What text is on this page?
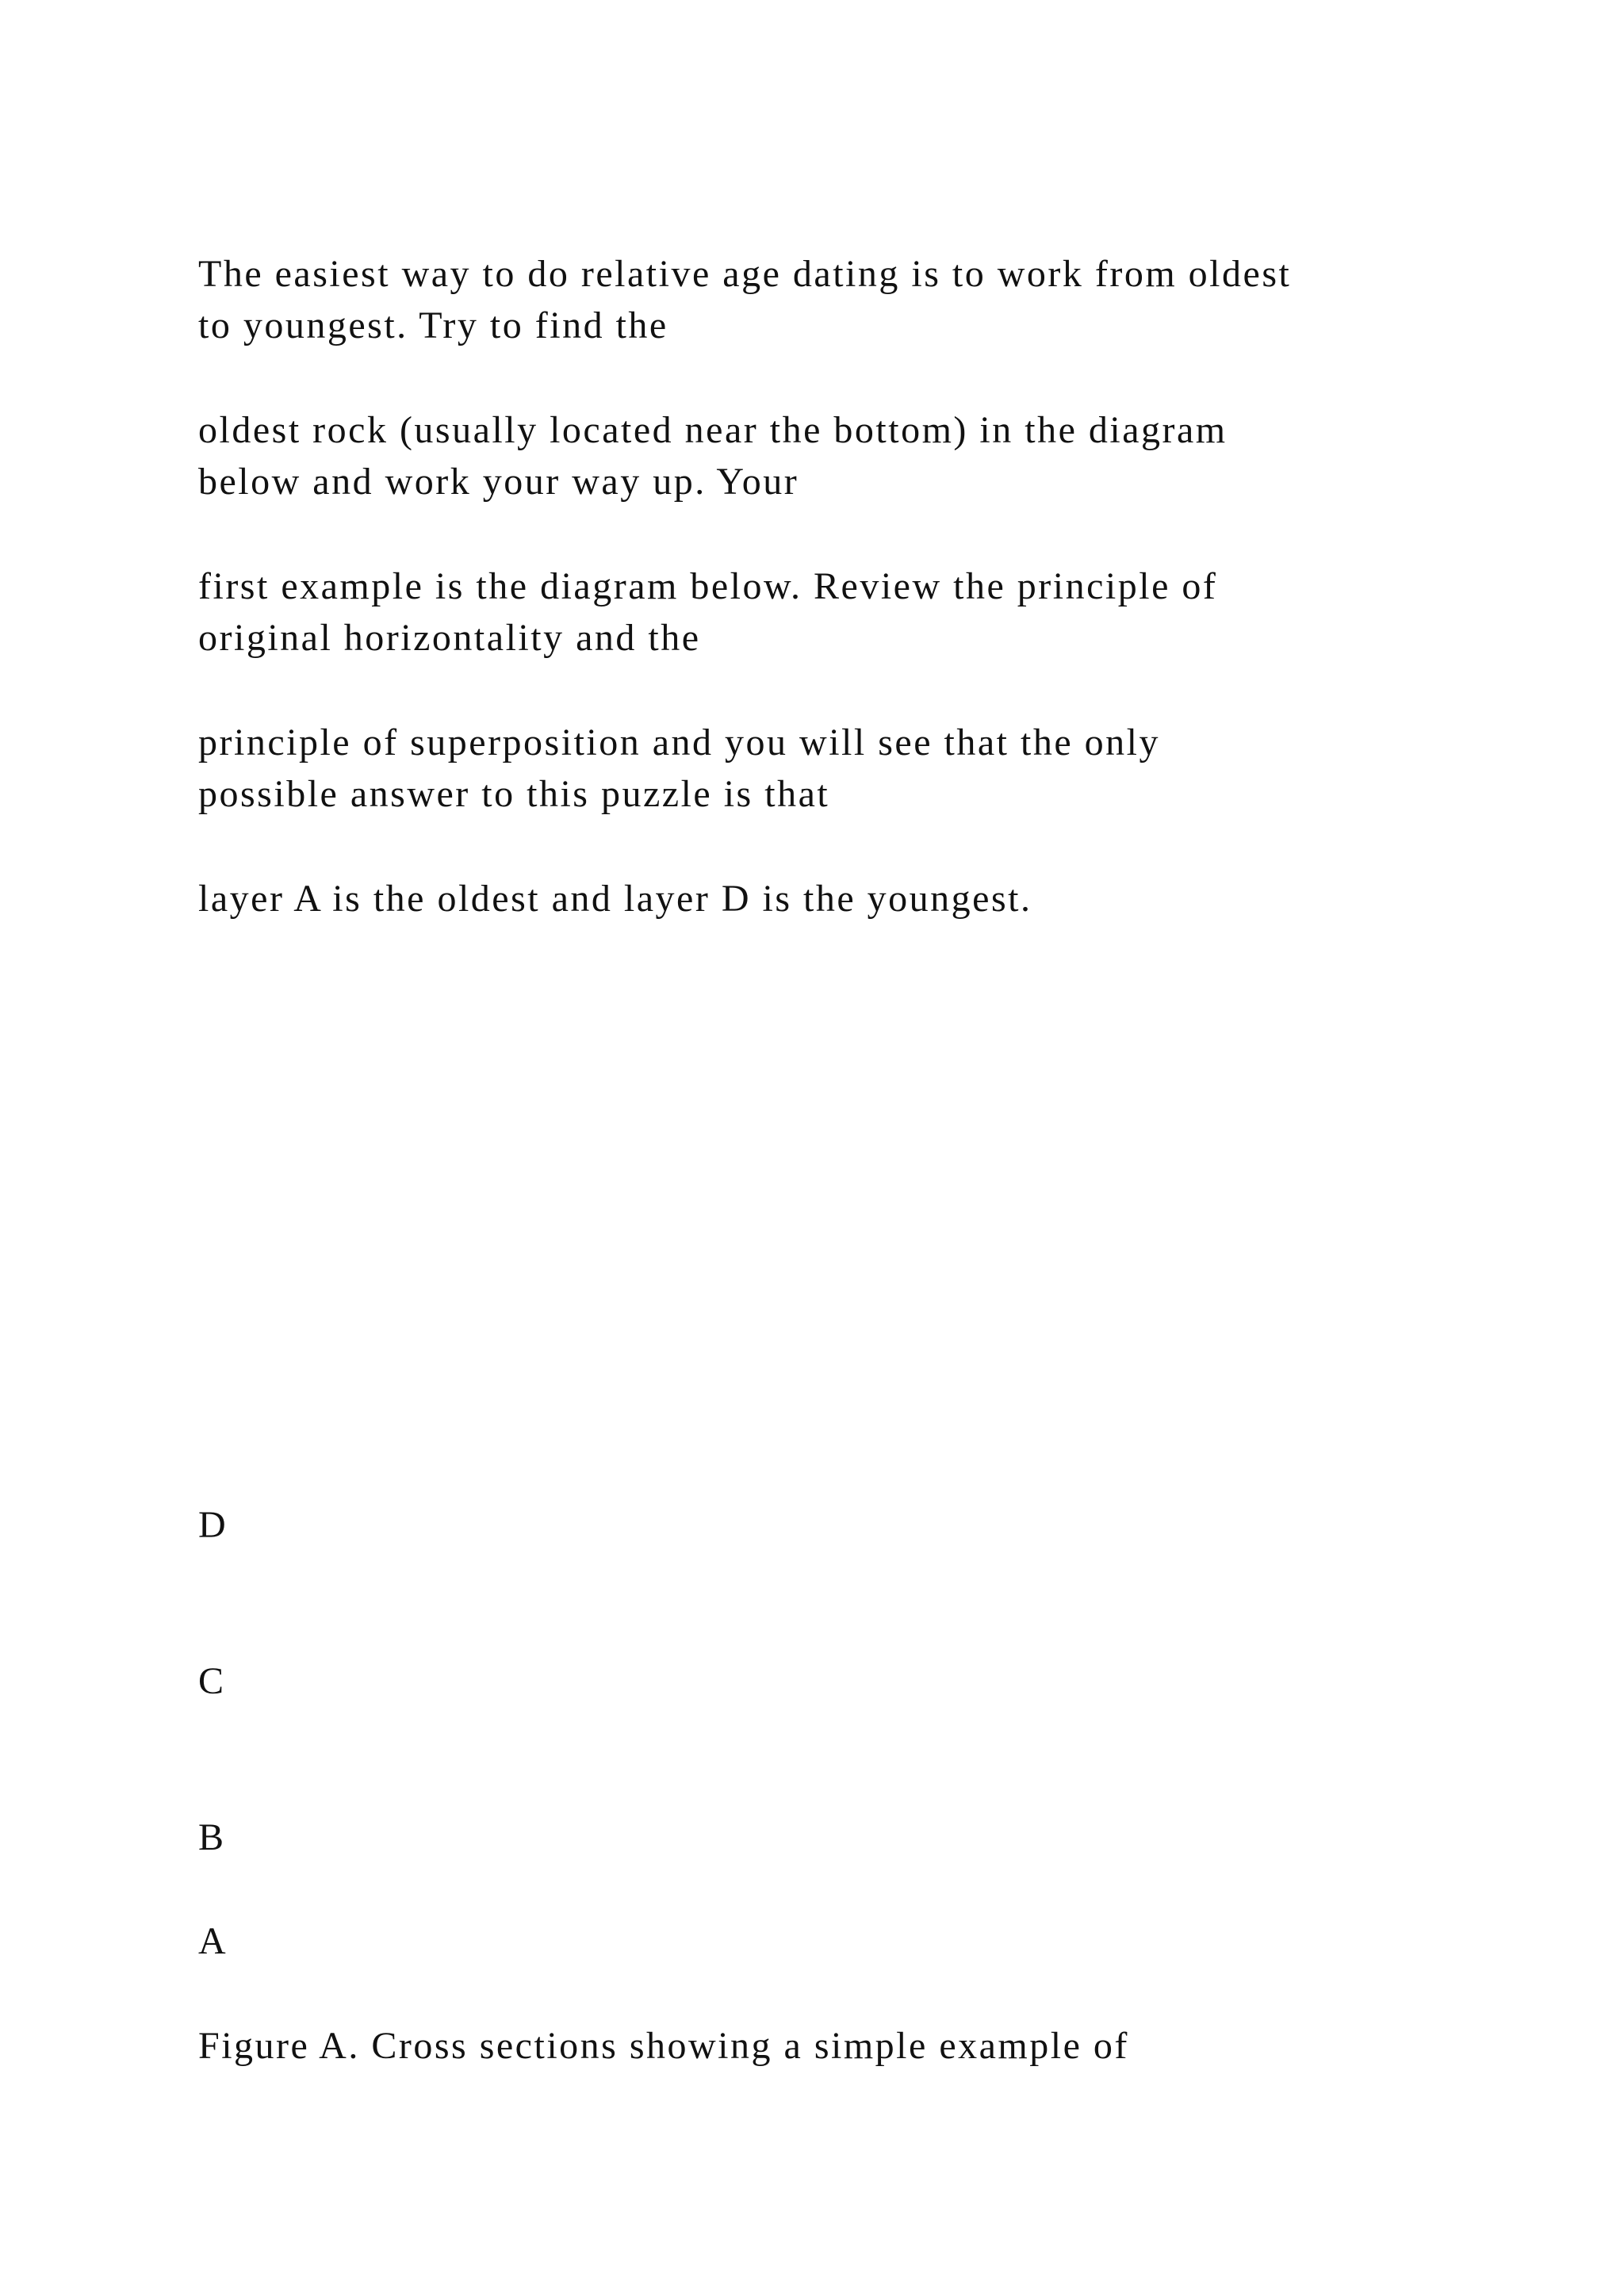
The easiest way to do relative age dating is to work from oldest
to youngest. Try to find the
oldest rock (usually located near the bottom) in the diagram
below and work your way up. Your
first example is the diagram below. Review the principle of
original horizontality and the
principle of superposition and you will see that the only
possible answer to this puzzle is that
layer A is the oldest and layer D is the youngest.
D
C
B
A
Figure A. Cross sections showing a simple example of
